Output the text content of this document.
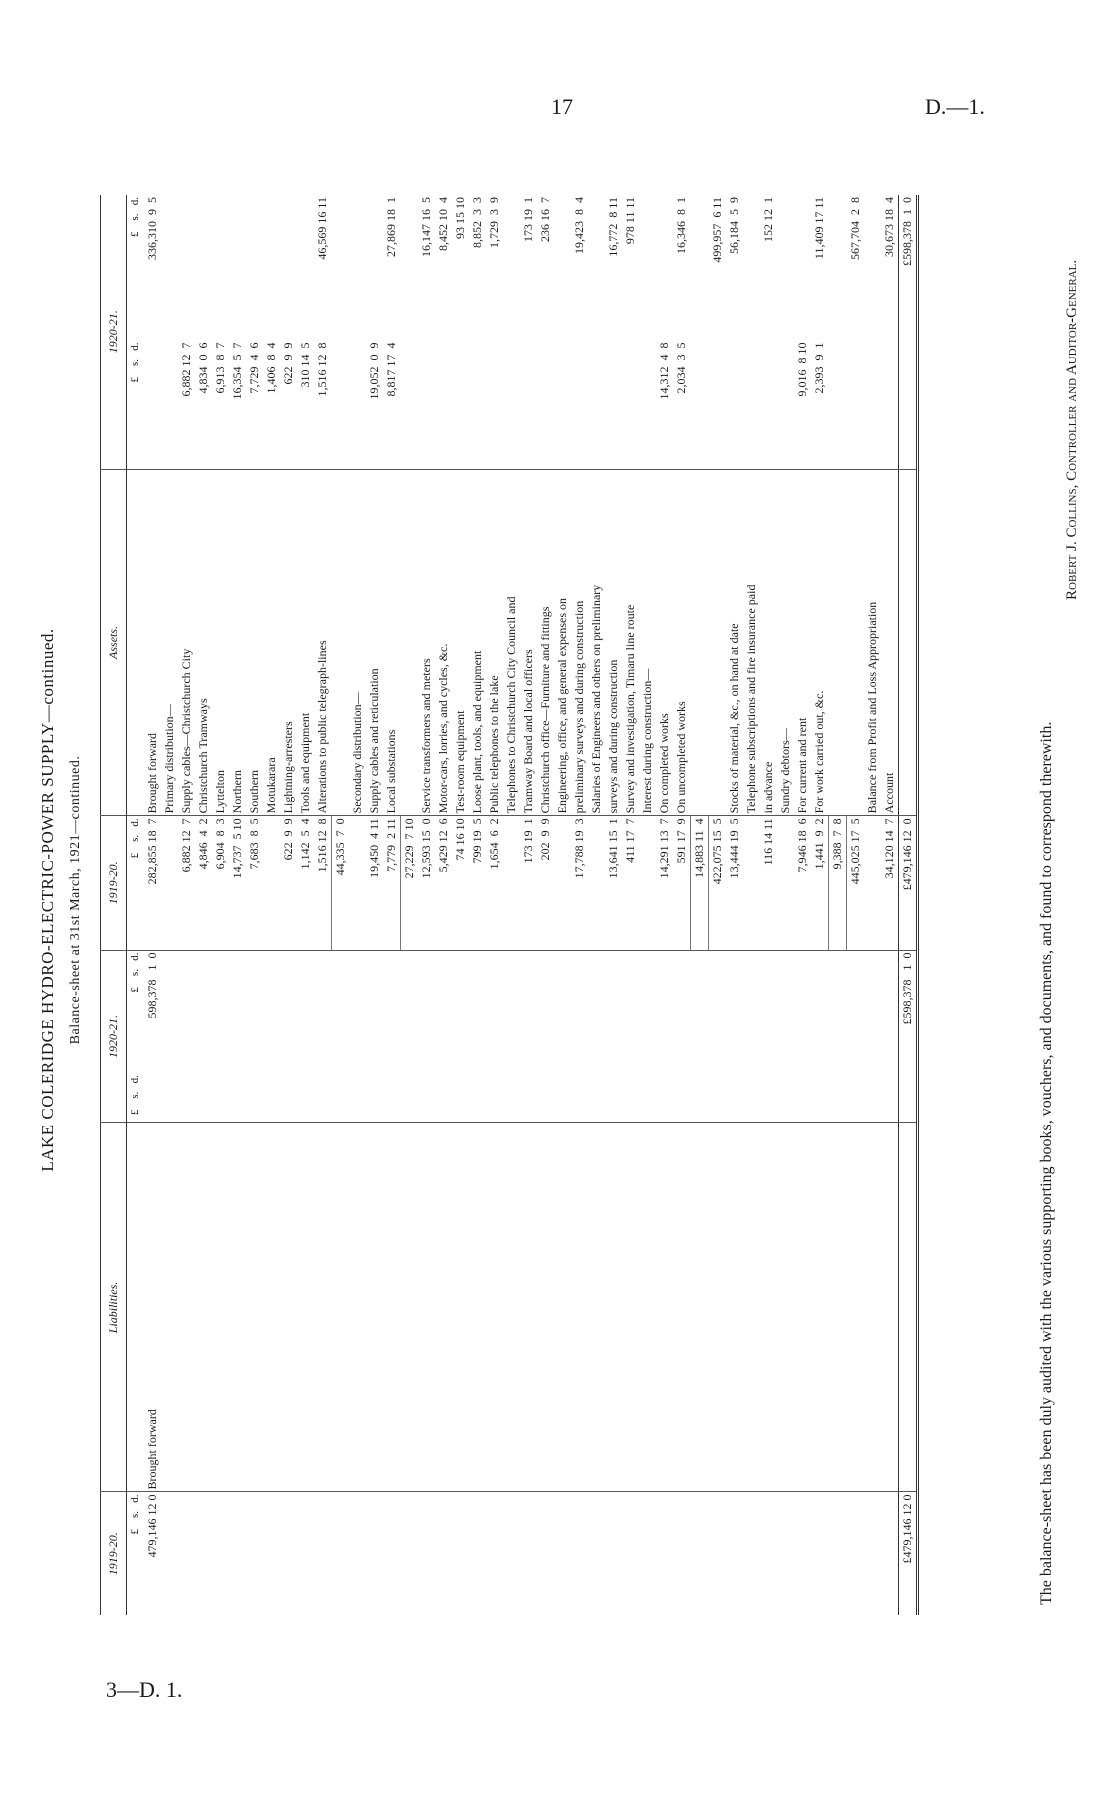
17	D.—1.
3—D. 1.
LAKE COLERIDGE HYDRO-ELECTRIC-POWER SUPPLY—continued. Balance-sheet at 31st March, 1921—continued.
1919-20.	Liabilities.	1920-21.		1919-20.	Assets.	1920-21.	
£    s.   d.		£    s.   d.	£    s.   d.	£    s.   d.		£    s.   d.	£    s.   d.
479,146 12 0	Brought forward		598,378   1  0	282,855 18  7	Brought forward		336,310  9  5
					Primary distribution—		
				6,882 12  7	Supply cables—Christchurch City	6,882 12  7	
				4,846  4  2	Christchurch Tramways	4,834  0  6	
				6,904  8  3	Lyttelton	6,913  8  7	
				14,737  5 10	Northern	16,354  5  7	
				7,683  8  5	Southern	7,729  4  6	
					Motukarara	1,406  8  4	
				622  9  9	Lightning-arresters	622  9  9	
				1,142  5  4	Tools and equipment	310 14  5	
				1,516 12  8	Alterations to public telegraph-lines	1,516 12  8	46,569 16 11
				44,335  7  0			
					Secondary distribution—		
				19,450  4 11	Supply cables and reticulation	19,052  0  9	
				7,779  2 11	Local substations	8,817 17  4	27,869 18  1
				27,229  7 10			
				12,593 15  0	Service transformers and meters		16,147 16  5
				5,429 12  6	Motor-cars, lorries, and cycles, &c.		8,452 10  4
				74 16 10	Test-room equipment		93 15 10
				799 19  5	Loose plant, tools, and equipment		8,852  3  3
				1,654  6  2	Public telephones to the lake		1,729  3  9
					Telephones to Christchurch City Council and		
				173 19  1	Tramway Board and local officers		173 19  1
				202  9  9	Christchurch office—Furniture and fittings		236 16  7
					Engineering, office, and general expenses on		
				17,788 19  3	preliminary surveys and during construction		19,423  8  4
					Salaries of Engineers and others on preliminary		
				13,641 15  1	surveys and during construction		16,772  8 11
				411 17  7	Survey and investigation, Timaru line route		978 11 11
					Interest during construction—		
				14,291 13  7	On completed works	14,312  4  8	
				591 17  9	On uncompleted works	2,034  3  5	16,346  8  1
				14,883 11  4			
				422,075 15  5			499,957  6 11
				13,444 19  5	Stocks of material, &c., on hand at date		56,184  5  9
					Telephone subscriptions and fire insurance paid		
				116 14 11	in advance		152 12  1
					Sundry debtors—		
				7,946 18  6	For current and rent	9,016  8 10	
				1,441  9  2	For work carried out, &c.	2,393  9  1	11,409 17 11
				9,388  7  8			
				445,025 17  5			567,704  2  8
					Balance from Profit and Loss Appropriation		
				34,120 14  7	Account		30,673 18  4
£479,146 12 0			£598,378   1  0	£479,146 12  0			£598,378  1  0
The balance-sheet has been duly audited with the various supporting books, vouchers, and documents, and found to correspond therewith.
Robert J. Collins, Controller and Auditor-General.
